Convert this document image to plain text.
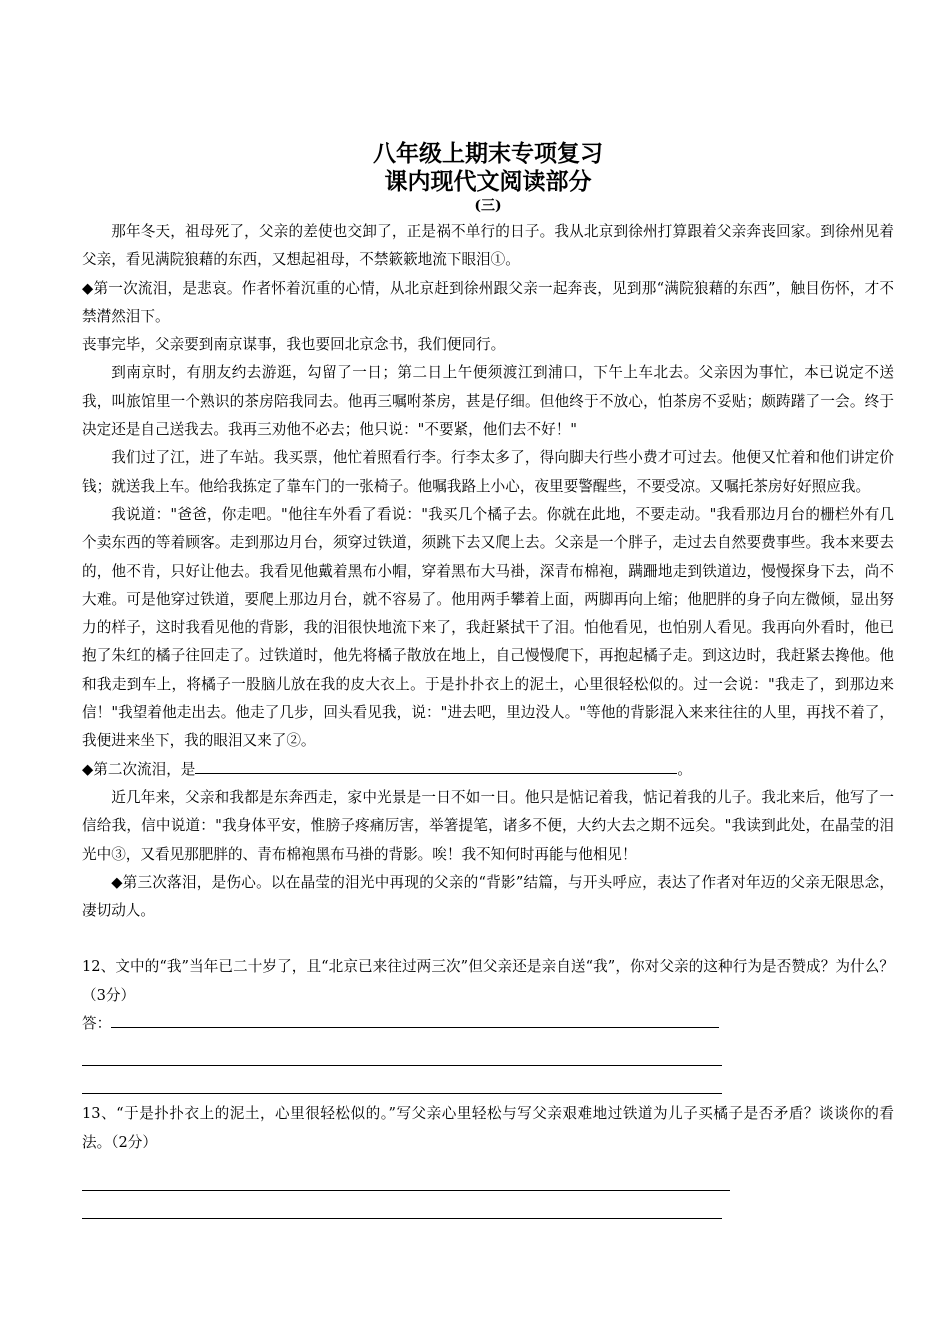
八年级上期末专项复习
课内现代文阅读部分
(三)

那年冬天，祖母死了，父亲的差使也交卸了，正是祸不单行的日子。我从北京到徐州打算跟着父亲奔丧回家。到徐州见着父亲，看见满院狼藉的东西，又想起祖母，不禁簌簌地流下眼泪①。

◆第一次流泪，是悲哀。作者怀着沉重的心情，从北京赶到徐州跟父亲一起奔丧，见到那“满院狼藉的东西”，触目伤怀，才不禁潸然泪下。

丧事完毕，父亲要到南京谋事，我也要回北京念书，我们便同行。

到南京时，有朋友约去游逛，勾留了一日；第二日上午便须渡江到浦口，下午上车北去。父亲因为事忙，本已说定不送我，叫旅馆里一个熟识的茶房陪我同去。他再三嘱咐茶房，甚是仔细。但他终于不放心，怕茶房不妥贴；颇踌躇了一会。终于决定还是自己送我去。我再三劝他不必去；他只说："不要紧，他们去不好！"

我们过了江，进了车站。我买票，他忙着照看行李。行李太多了，得向脚夫行些小费才可过去。他便又忙着和他们讲定价钱；就送我上车。他给我拣定了靠车门的一张椅子。他嘱我路上小心，夜里要警醒些，不要受凉。又嘱托茶房好好照应我。

我说道："爸爸，你走吧。"他往车外看了看说："我买几个橘子去。你就在此地，不要走动。"我看那边月台的栅栏外有几个卖东西的等着顾客。走到那边月台，须穿过铁道，须跳下去又爬上去。父亲是一个胖子，走过去自然要费事些。我本来要去的，他不肯，只好让他去。我看见他戴着黑布小帽，穿着黑布大马褂，深青布棉袍，蹒跚地走到铁道边，慢慢探身下去，尚不大难。可是他穿过铁道，要爬上那边月台，就不容易了。他用两手攀着上面，两脚再向上缩；他肥胖的身子向左微倾，显出努力的样子，这时我看见他的背影，我的泪很快地流下来了，我赶紧拭干了泪。怕他看见，也怕别人看见。我再向外看时，他已抱了朱红的橘子往回走了。过铁道时，他先将橘子散放在地上，自己慢慢爬下，再抱起橘子走。到这边时，我赶紧去搀他。他和我走到车上，将橘子一股脑儿放在我的皮大衣上。于是扑扑衣上的泥土，心里很轻松似的。过一会说："我走了，到那边来信！"我望着他走出去。他走了几步，回头看见我，说："进去吧，里边没人。"等他的背影混入来来往往的人里，再找不着了，我便进来坐下，我的眼泪又来了②。

◆第二次流泪，是	。

近几年来，父亲和我都是东奔西走，家中光景是一日不如一日。他只是惦记着我，惦记着我的儿子。我北来后，他写了一信给我，信中说道："我身体平安，惟膀子疼痛厉害，举箸提笔，诸多不便，大约大去之期不远矣。"我读到此处，在晶莹的泪光中③，又看见那肥胖的、青布棉袍黑布马褂的背影。唉！我不知何时再能与他相见！

◆第三次落泪，是伤心。以在晶莹的泪光中再现的父亲的“背影”结篇，与开头呼应，表达了作者对年迈的父亲无限思念，凄切动人。

12、文中的“我”当年已二十岁了，且“北京已来往过两三次”但父亲还是亲自送“我”，你对父亲的这种行为是否赞成？为什么？（3分）

答：

13、“于是扑扑衣上的泥土，心里很轻松似的。”写父亲心里轻松与写父亲艰难地过铁道为儿子买橘子是否矛盾？谈谈你的看法。（2分）
